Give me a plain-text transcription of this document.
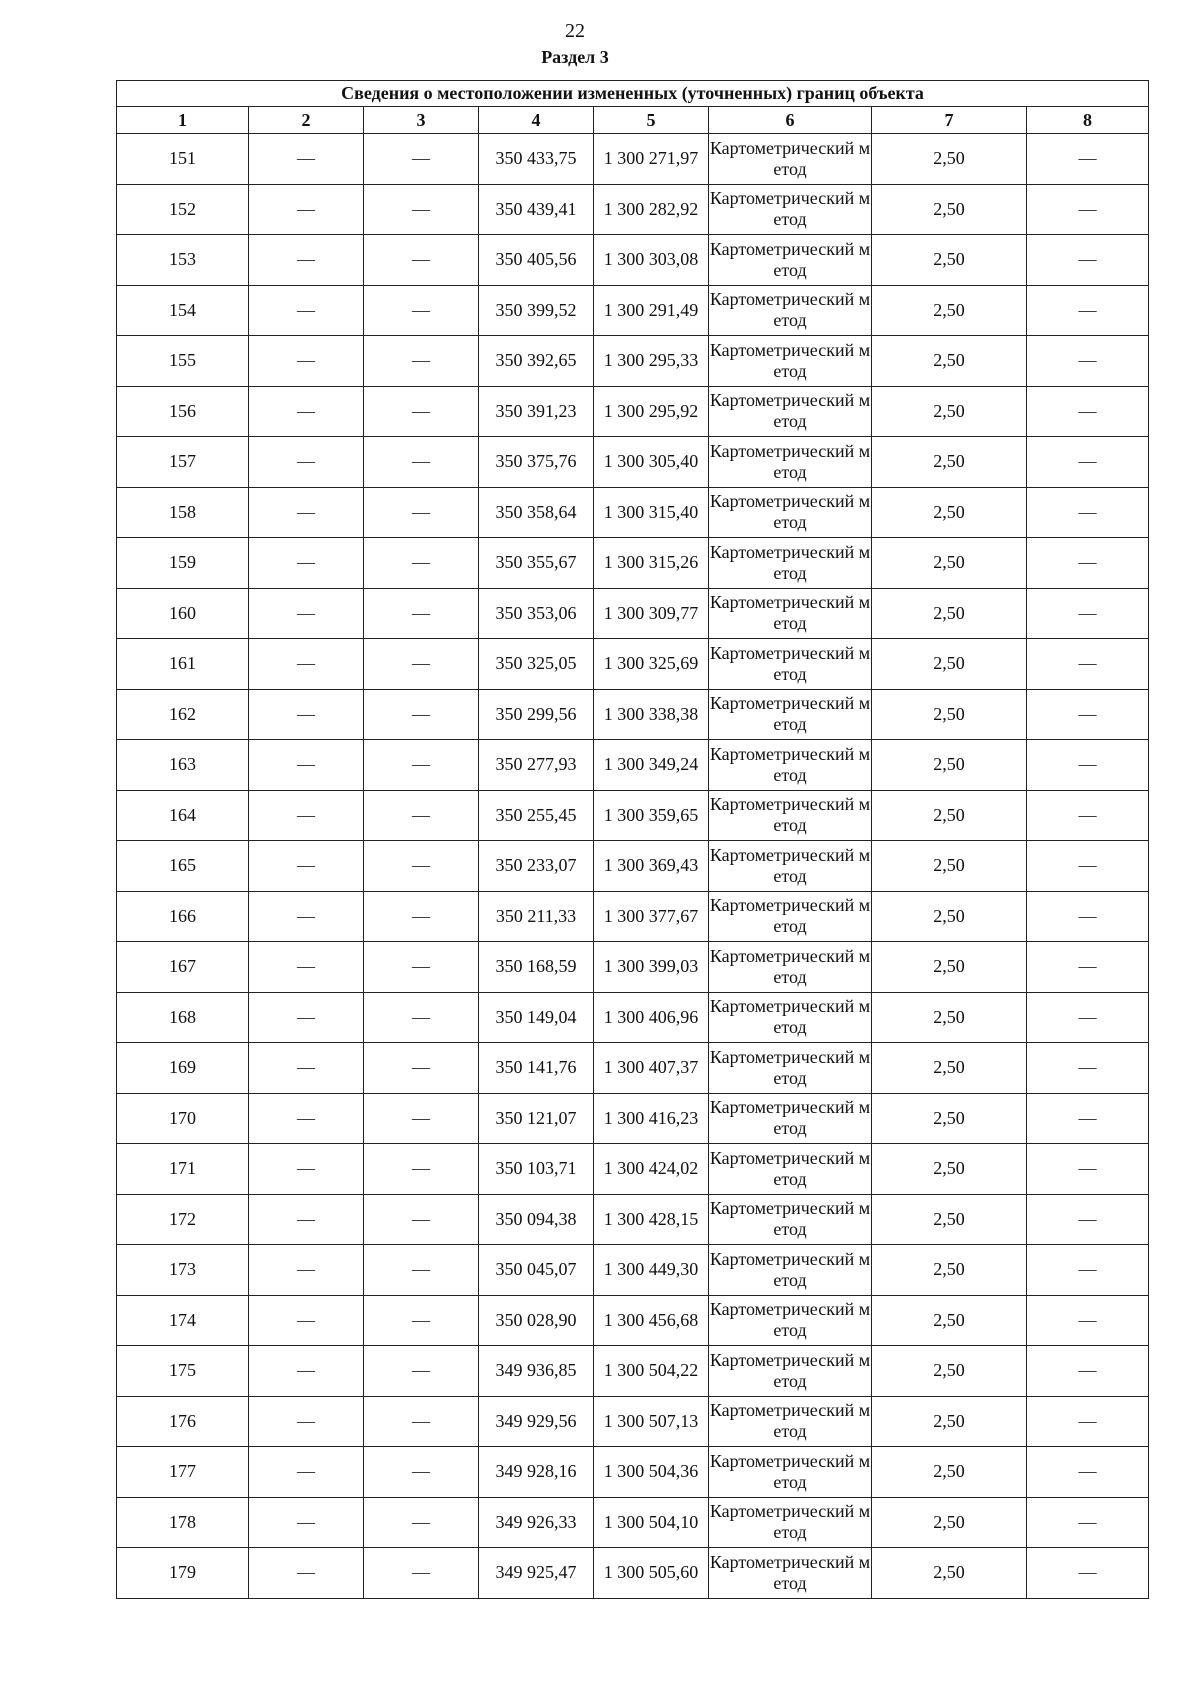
22
Раздел 3
Сведения о местоположении измененных (уточненных) границ объекта							
1	2	3	4	5	6	7	8
151	—	—	350 433,75	1 300 271,97	Картометрический метод	2,50	—
152	—	—	350 439,41	1 300 282,92	Картометрический метод	2,50	—
153	—	—	350 405,56	1 300 303,08	Картометрический метод	2,50	—
154	—	—	350 399,52	1 300 291,49	Картометрический метод	2,50	—
155	—	—	350 392,65	1 300 295,33	Картометрический метод	2,50	—
156	—	—	350 391,23	1 300 295,92	Картометрический метод	2,50	—
157	—	—	350 375,76	1 300 305,40	Картометрический метод	2,50	—
158	—	—	350 358,64	1 300 315,40	Картометрический метод	2,50	—
159	—	—	350 355,67	1 300 315,26	Картометрический метод	2,50	—
160	—	—	350 353,06	1 300 309,77	Картометрический метод	2,50	—
161	—	—	350 325,05	1 300 325,69	Картометрический метод	2,50	—
162	—	—	350 299,56	1 300 338,38	Картометрический метод	2,50	—
163	—	—	350 277,93	1 300 349,24	Картометрический метод	2,50	—
164	—	—	350 255,45	1 300 359,65	Картометрический метод	2,50	—
165	—	—	350 233,07	1 300 369,43	Картометрический метод	2,50	—
166	—	—	350 211,33	1 300 377,67	Картометрический метод	2,50	—
167	—	—	350 168,59	1 300 399,03	Картометрический метод	2,50	—
168	—	—	350 149,04	1 300 406,96	Картометрический метод	2,50	—
169	—	—	350 141,76	1 300 407,37	Картометрический метод	2,50	—
170	—	—	350 121,07	1 300 416,23	Картометрический метод	2,50	—
171	—	—	350 103,71	1 300 424,02	Картометрический метод	2,50	—
172	—	—	350 094,38	1 300 428,15	Картометрический метод	2,50	—
173	—	—	350 045,07	1 300 449,30	Картометрический метод	2,50	—
174	—	—	350 028,90	1 300 456,68	Картометрический метод	2,50	—
175	—	—	349 936,85	1 300 504,22	Картометрический метод	2,50	—
176	—	—	349 929,56	1 300 507,13	Картометрический метод	2,50	—
177	—	—	349 928,16	1 300 504,36	Картометрический метод	2,50	—
178	—	—	349 926,33	1 300 504,10	Картометрический метод	2,50	—
179	—	—	349 925,47	1 300 505,60	Картометрический метод	2,50	—
